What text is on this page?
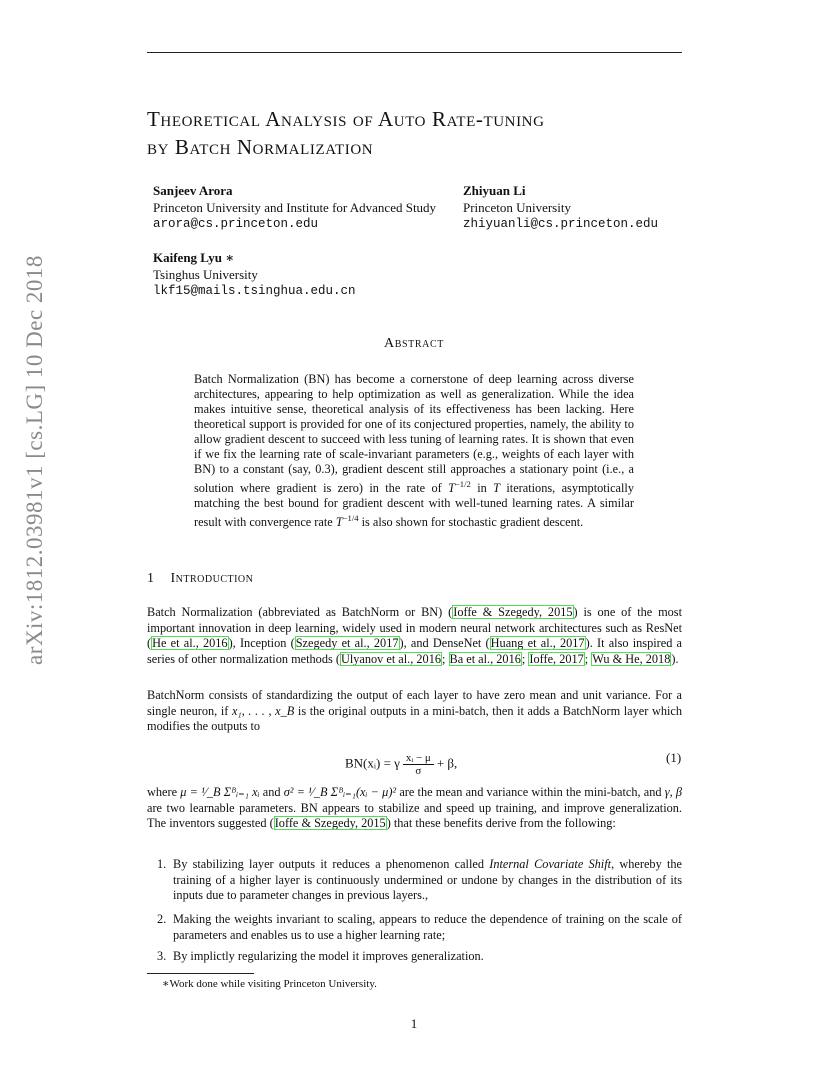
arXiv:1812.03981v1 [cs.LG] 10 Dec 2018
Theoretical Analysis of Auto Rate-tuning
by Batch Normalization
Sanjeev Arora
Princeton University and Institute for Advanced Study
arora@cs.princeton.edu
Zhiyuan Li
Princeton University
zhiyuanli@cs.princeton.edu
Kaifeng Lyu ∗
Tsinghus University
lkf15@mails.tsinghua.edu.cn
Abstract
Batch Normalization (BN) has become a cornerstone of deep learning across diverse architectures, appearing to help optimization as well as generalization. While the idea makes intuitive sense, theoretical analysis of its effectiveness has been lacking. Here theoretical support is provided for one of its conjectured properties, namely, the ability to allow gradient descent to succeed with less tuning of learning rates. It is shown that even if we fix the learning rate of scale-invariant parameters (e.g., weights of each layer with BN) to a constant (say, 0.3), gradient descent still approaches a stationary point (i.e., a solution where gradient is zero) in the rate of $T^{-1/2}$ in T iterations, asymptotically matching the best bound for gradient descent with well-tuned learning rates. A similar result with convergence rate $T^{-1/4}$ is also shown for stochastic gradient descent.
1 Introduction
Batch Normalization (abbreviated as BatchNorm or BN) (Ioffe & Szegedy, 2015) is one of the most important innovation in deep learning, widely used in modern neural network architectures such as ResNet (He et al., 2016), Inception (Szegedy et al., 2017), and DenseNet (Huang et al., 2017). It also inspired a series of other normalization methods (Ulyanov et al., 2016; Ba et al., 2016; Ioffe, 2017; Wu & He, 2018).
BatchNorm consists of standardizing the output of each layer to have zero mean and unit variance. For a single neuron, if x₁, . . . , x_B is the original outputs in a mini-batch, then it adds a BatchNorm layer which modifies the outputs to
BN(xᵢ) = γ $\frac{\text{xᵢ − μ}}{\sigma} + \beta$,	(1)
where μ = ¹⁄_B Σᴮᵢ₌₁ xᵢ and σ² = ¹⁄_B Σᴮᵢ₌₁(xᵢ − μ)² are the mean and variance within the mini-batch, and γ, β are two learnable parameters. BN appears to stabilize and speed up training, and improve generalization. The inventors suggested (Ioffe & Szegedy, 2015) that these benefits derive from the following:
1. By stabilizing layer outputs it reduces a phenomenon called Internal Covariate Shift, whereby the training of a higher layer is continuously undermined or undone by changes in the distribution of its inputs due to parameter changes in previous layers.,
2. Making the weights invariant to scaling, appears to reduce the dependence of training on the scale of parameters and enables us to use a higher learning rate;
3. By implictly regularizing the model it improves generalization.
∗Work done while visiting Princeton University.
1
